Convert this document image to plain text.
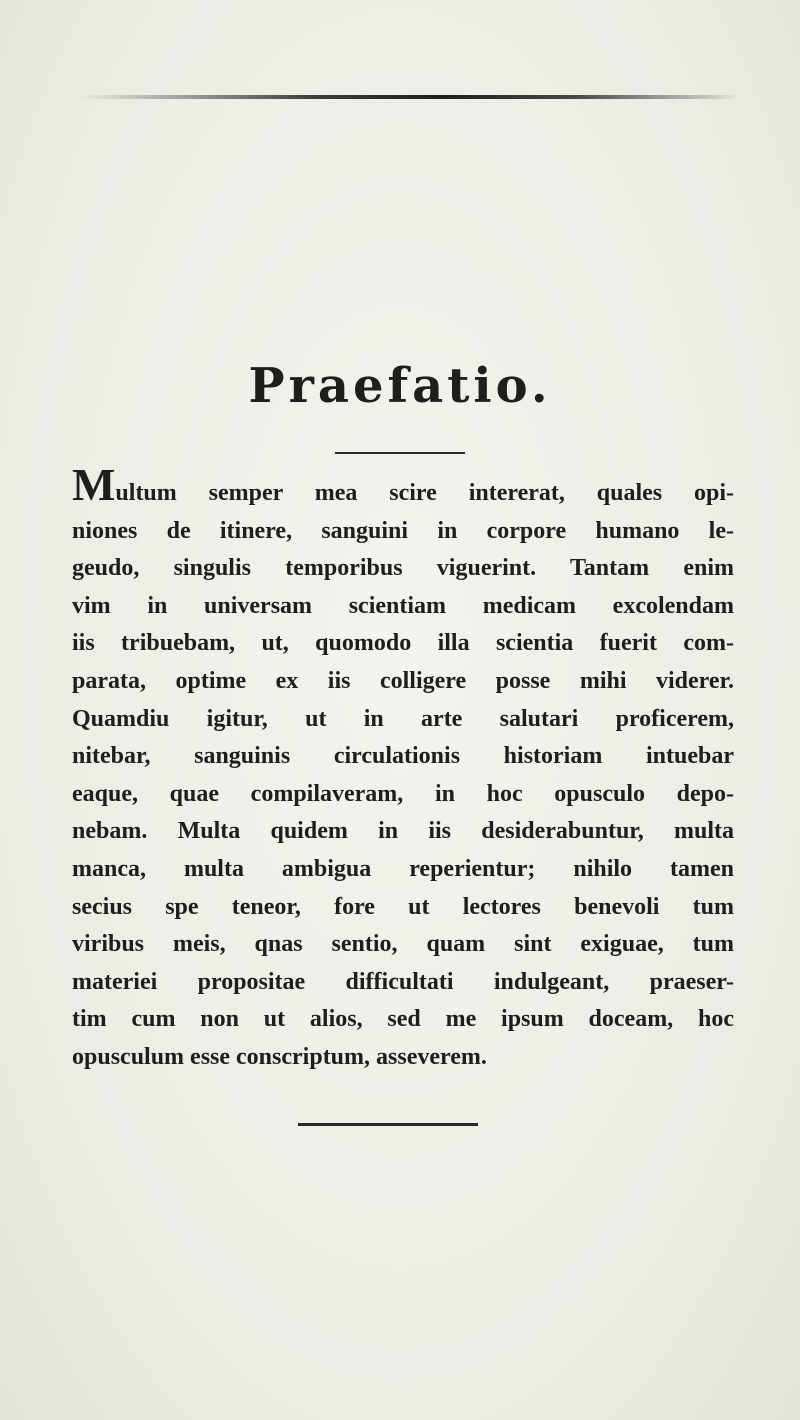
Praefatio.
Multum semper mea scire intererat, quales opi-
niones de itinere, sanguini in corpore humano le-
geudo, singulis temporibus viguerint. Tantam enim
vim in universam scientiam medicam excolendam
iis tribuebam, ut, quomodo illa scientia fuerit com-
parata, optime ex iis colligere posse mihi viderer.
Quamdiu igitur, ut in arte salutari proficerem,
nitebar, sanguinis circulationis historiam intuebar
eaque, quae compilaveram, in hoc opusculo depo-
nebam. Multa quidem in iis desiderabuntur, multa
manca, multa ambigua reperientur; nihilo tamen
secius spe teneor, fore ut lectores benevoli tum
viribus meis, qnas sentio, quam sint exiguae, tum
materiei propositae difficultati indulgeant, praeser-
tim cum non ut alios, sed me ipsum doceam, hoc
opusculum esse conscriptum, asseverem.
